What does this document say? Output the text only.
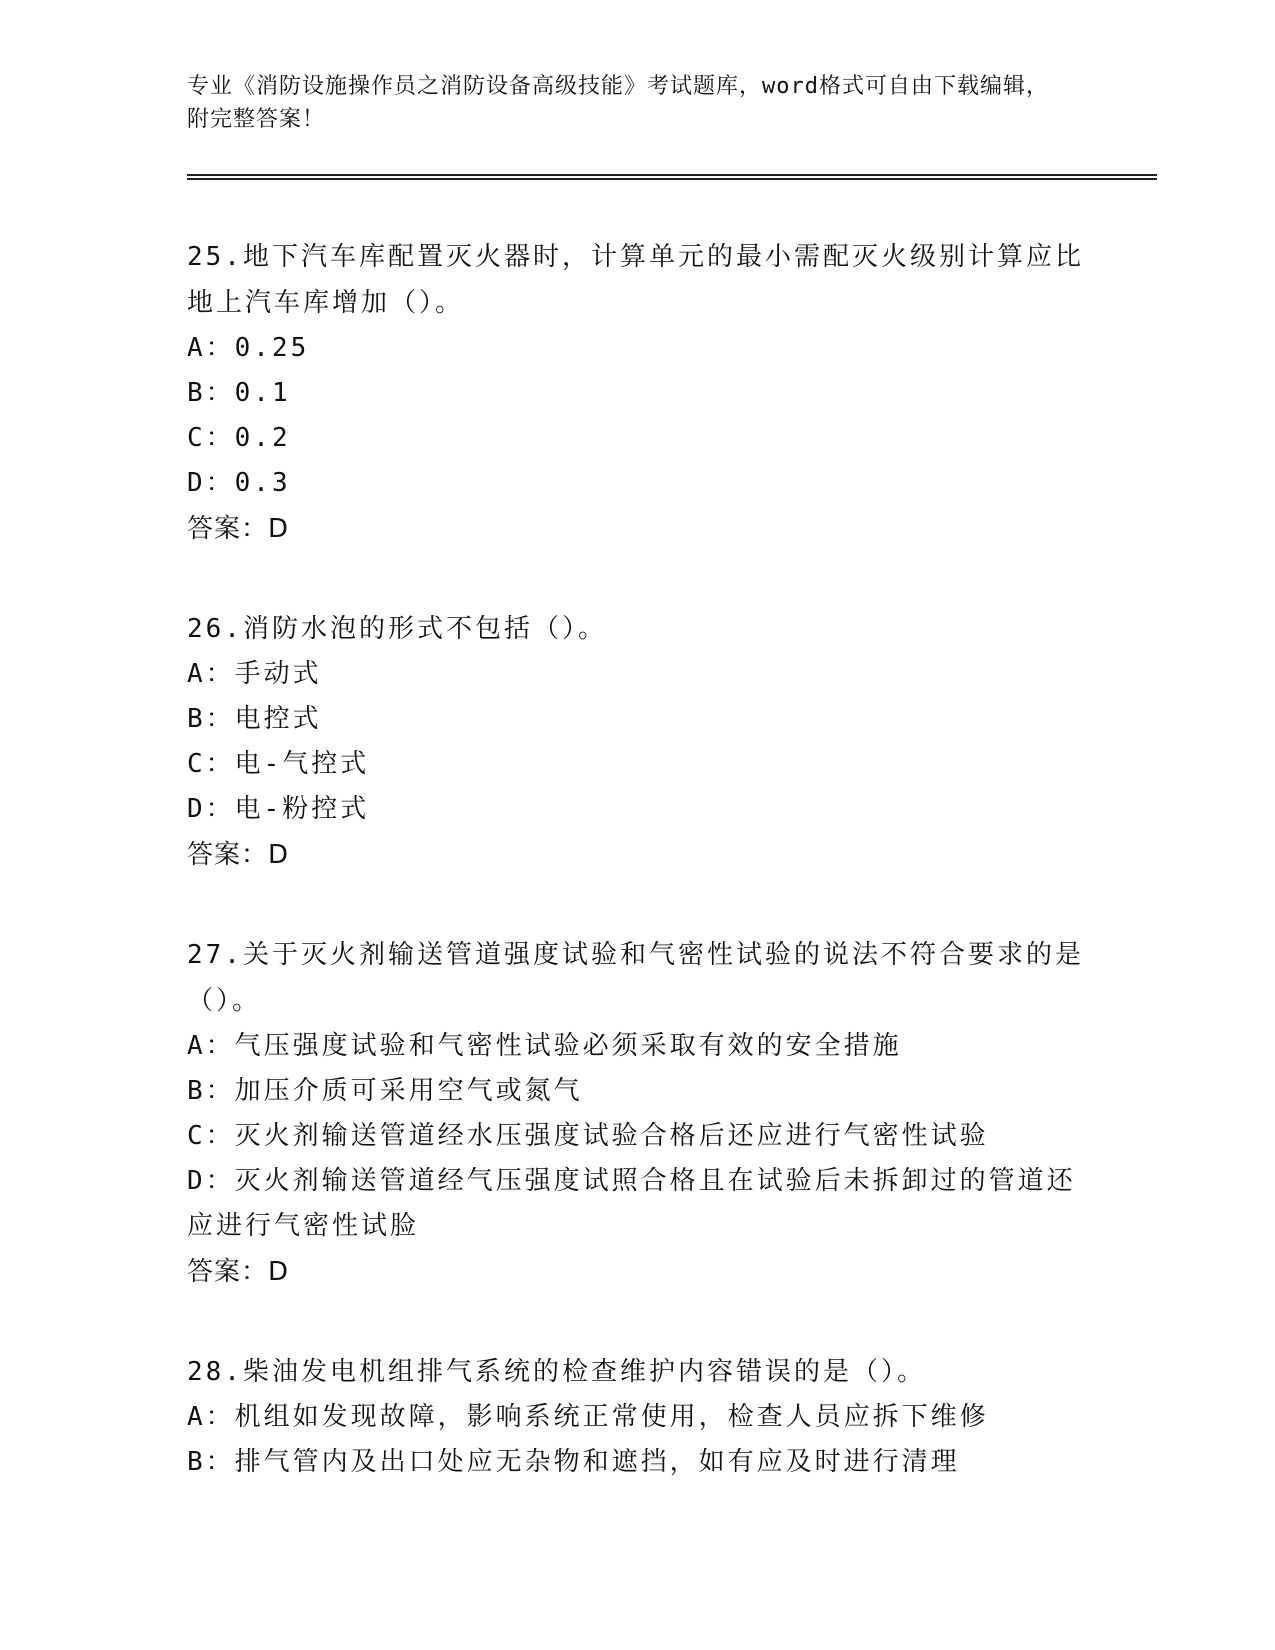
专业《消防设施操作员之消防设备高级技能》考试题库，word格式可自由下载编辑，附完整答案！

25.地下汽车库配置灭火器时，计算单元的最小需配灭火级别计算应比地上汽车库增加（）。

A：0.25

B：0.1

C：0.2

D：0.3

答案：D

26.消防水泡的形式不包括（）。

A：手动式

B：电控式

C：电-气控式

D：电-粉控式

答案：D

27.关于灭火剂输送管道强度试验和气密性试验的说法不符合要求的是（）。

A：气压强度试验和气密性试验必须采取有效的安全措施

B：加压介质可采用空气或氮气

C：灭火剂输送管道经水压强度试验合格后还应进行气密性试验

D：灭火剂输送管道经气压强度试照合格且在试验后未拆卸过的管道还应进行气密性试脸

答案：D

28.柴油发电机组排气系统的检查维护内容错误的是（）。

A：机组如发现故障，影响系统正常使用，检查人员应拆下维修

B：排气管内及出口处应无杂物和遮挡，如有应及时进行清理
